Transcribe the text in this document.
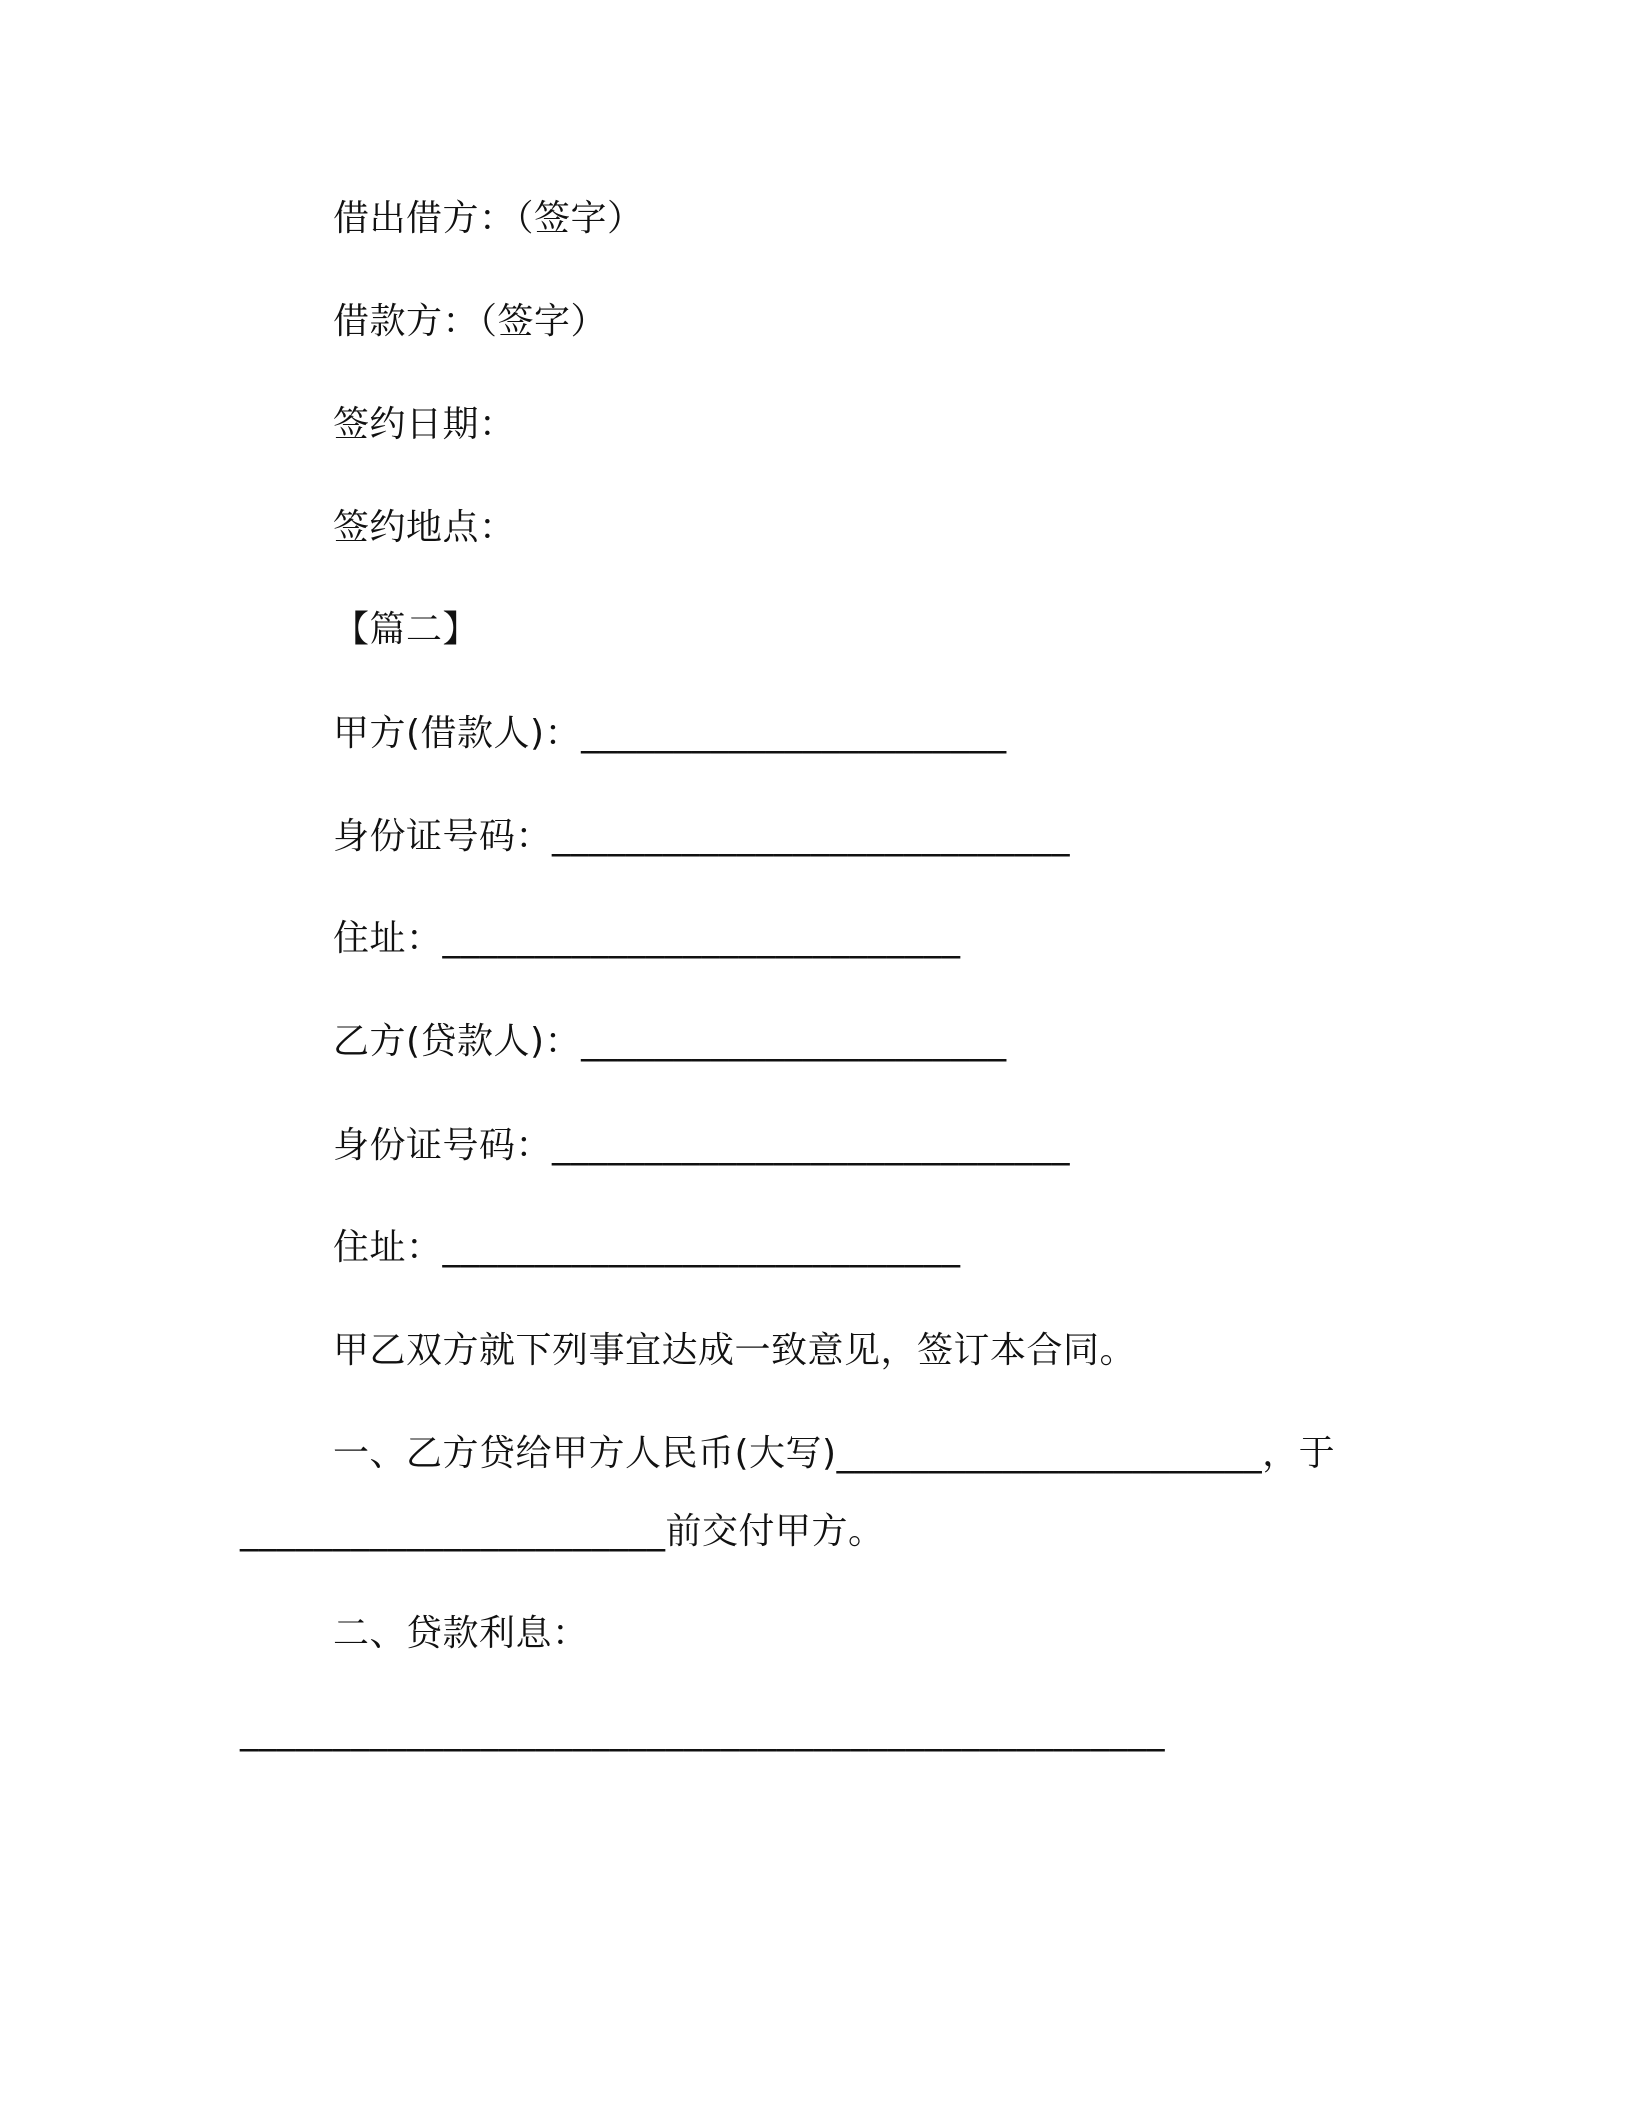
借出借方：（签字）
借款方：（签字）
签约日期：
签约地点：
【篇二】
甲方(借款人)：_______________________
身份证号码：____________________________
住址：____________________________
乙方(贷款人)：_______________________
身份证号码：____________________________
住址：____________________________
甲乙双方就下列事宜达成一致意见，签订本合同。
一、乙方贷给甲方人民币(大写)_______________________，于
_______________________前交付甲方。
二、贷款利息：
__________________________________________________
